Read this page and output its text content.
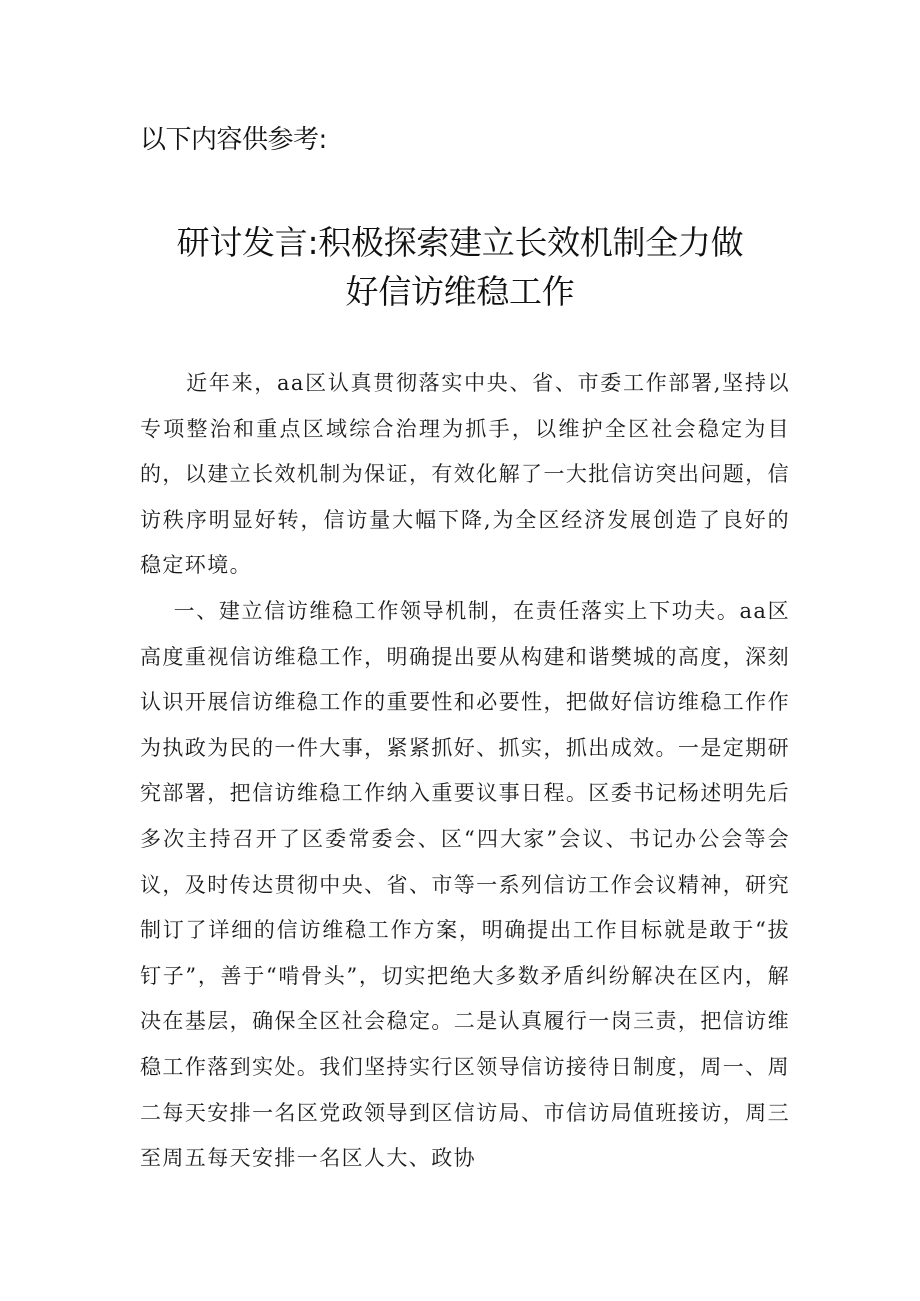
以下内容供参考:
研讨发言:积极探索建立长效机制全力做
好信访维稳工作

近年来，aa区认真贯彻落实中央、省、市委工作部署,坚持以专项整治和重点区域综合治理为抓手，以维护全区社会稳定为目的，以建立长效机制为保证，有效化解了一大批信访突出问题，信访秩序明显好转，信访量大幅下降,为全区经济发展创造了良好的稳定环境。

一、建立信访维稳工作领导机制，在责任落实上下功夫。aa区高度重视信访维稳工作，明确提出要从构建和谐樊城的高度，深刻认识开展信访维稳工作的重要性和必要性，把做好信访维稳工作作为执政为民的一件大事，紧紧抓好、抓实，抓出成效。一是定期研究部署，把信访维稳工作纳入重要议事日程。区委书记杨述明先后多次主持召开了区委常委会、区“四大家”会议、书记办公会等会议，及时传达贯彻中央、省、市等一系列信访工作会议精神，研究制订了详细的信访维稳工作方案，明确提出工作目标就是敢于“拔钉子”，善于“啃骨头”，切实把绝大多数矛盾纠纷解决在区内，解决在基层，确保全区社会稳定。二是认真履行一岗三责，把信访维稳工作落到实处。我们坚持实行区领导信访接待日制度，周一、周二每天安排一名区党政领导到区信访局、市信访局值班接访，周三至周五每天安排一名区人大、政协
